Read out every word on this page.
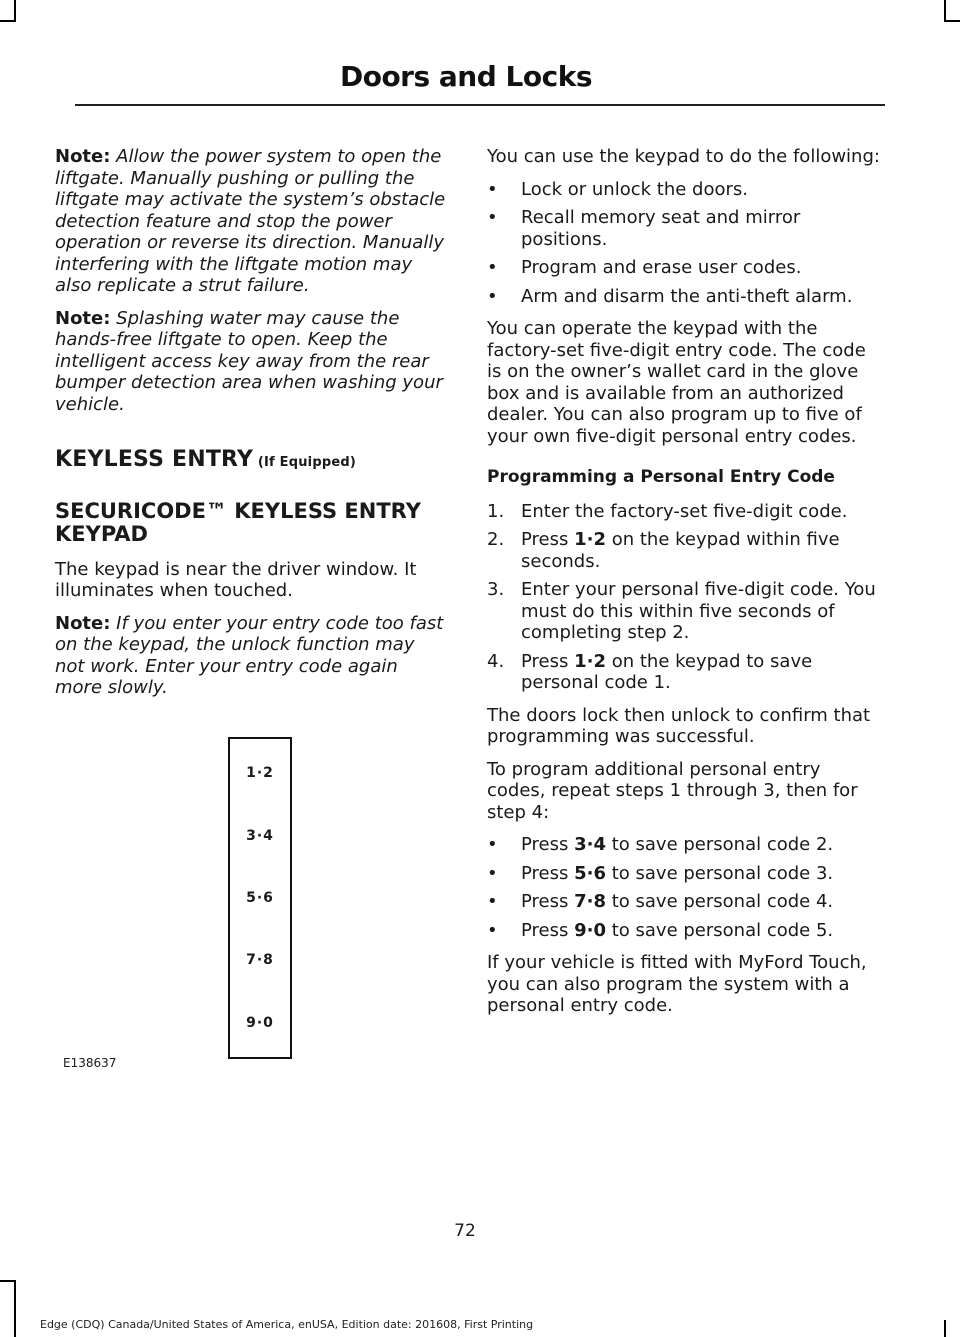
Doors and Locks

Note: Allow the power system to open the liftgate. Manually pushing or pulling the liftgate may activate the system’s obstacle detection feature and stop the power operation or reverse its direction. Manually interfering with the liftgate motion may also replicate a strut failure.

Note: Splashing water may cause the hands-free liftgate to open. Keep the intelligent access key away from the rear bumper detection area when washing your vehicle.

KEYLESS ENTRY (If Equipped)
SECURICODE™ KEYLESS ENTRY KEYPAD

The keypad is near the driver window. It illuminates when touched.

Note: If you enter your entry code too fast on the keypad, the unlock function may not work. Enter your entry code again more slowly.

1·2
3·4
5·6
7·8
9·0
E138637

You can use the keypad to do the following:

• Lock or unlock the doors.
• Recall memory seat and mirror positions.
• Program and erase user codes.
• Arm and disarm the anti-theft alarm.

You can operate the keypad with the factory-set five-digit entry code. The code is on the owner’s wallet card in the glove box and is available from an authorized dealer. You can also program up to five of your own five-digit personal entry codes.

Programming a Personal Entry Code
1. Enter the factory-set five-digit code.
2. Press 1·2 on the keypad within five seconds.
3. Enter your personal five-digit code. You must do this within five seconds of completing step 2.
4. Press 1·2 on the keypad to save personal code 1.

The doors lock then unlock to confirm that programming was successful.

To program additional personal entry codes, repeat steps 1 through 3, then for step 4:

• Press 3·4 to save personal code 2.
• Press 5·6 to save personal code 3.
• Press 7·8 to save personal code 4.
• Press 9·0 to save personal code 5.

If your vehicle is fitted with MyFord Touch, you can also program the system with a personal entry code.

72
Edge (CDQ) Canada/United States of America, enUSA, Edition date: 201608, First Printing
